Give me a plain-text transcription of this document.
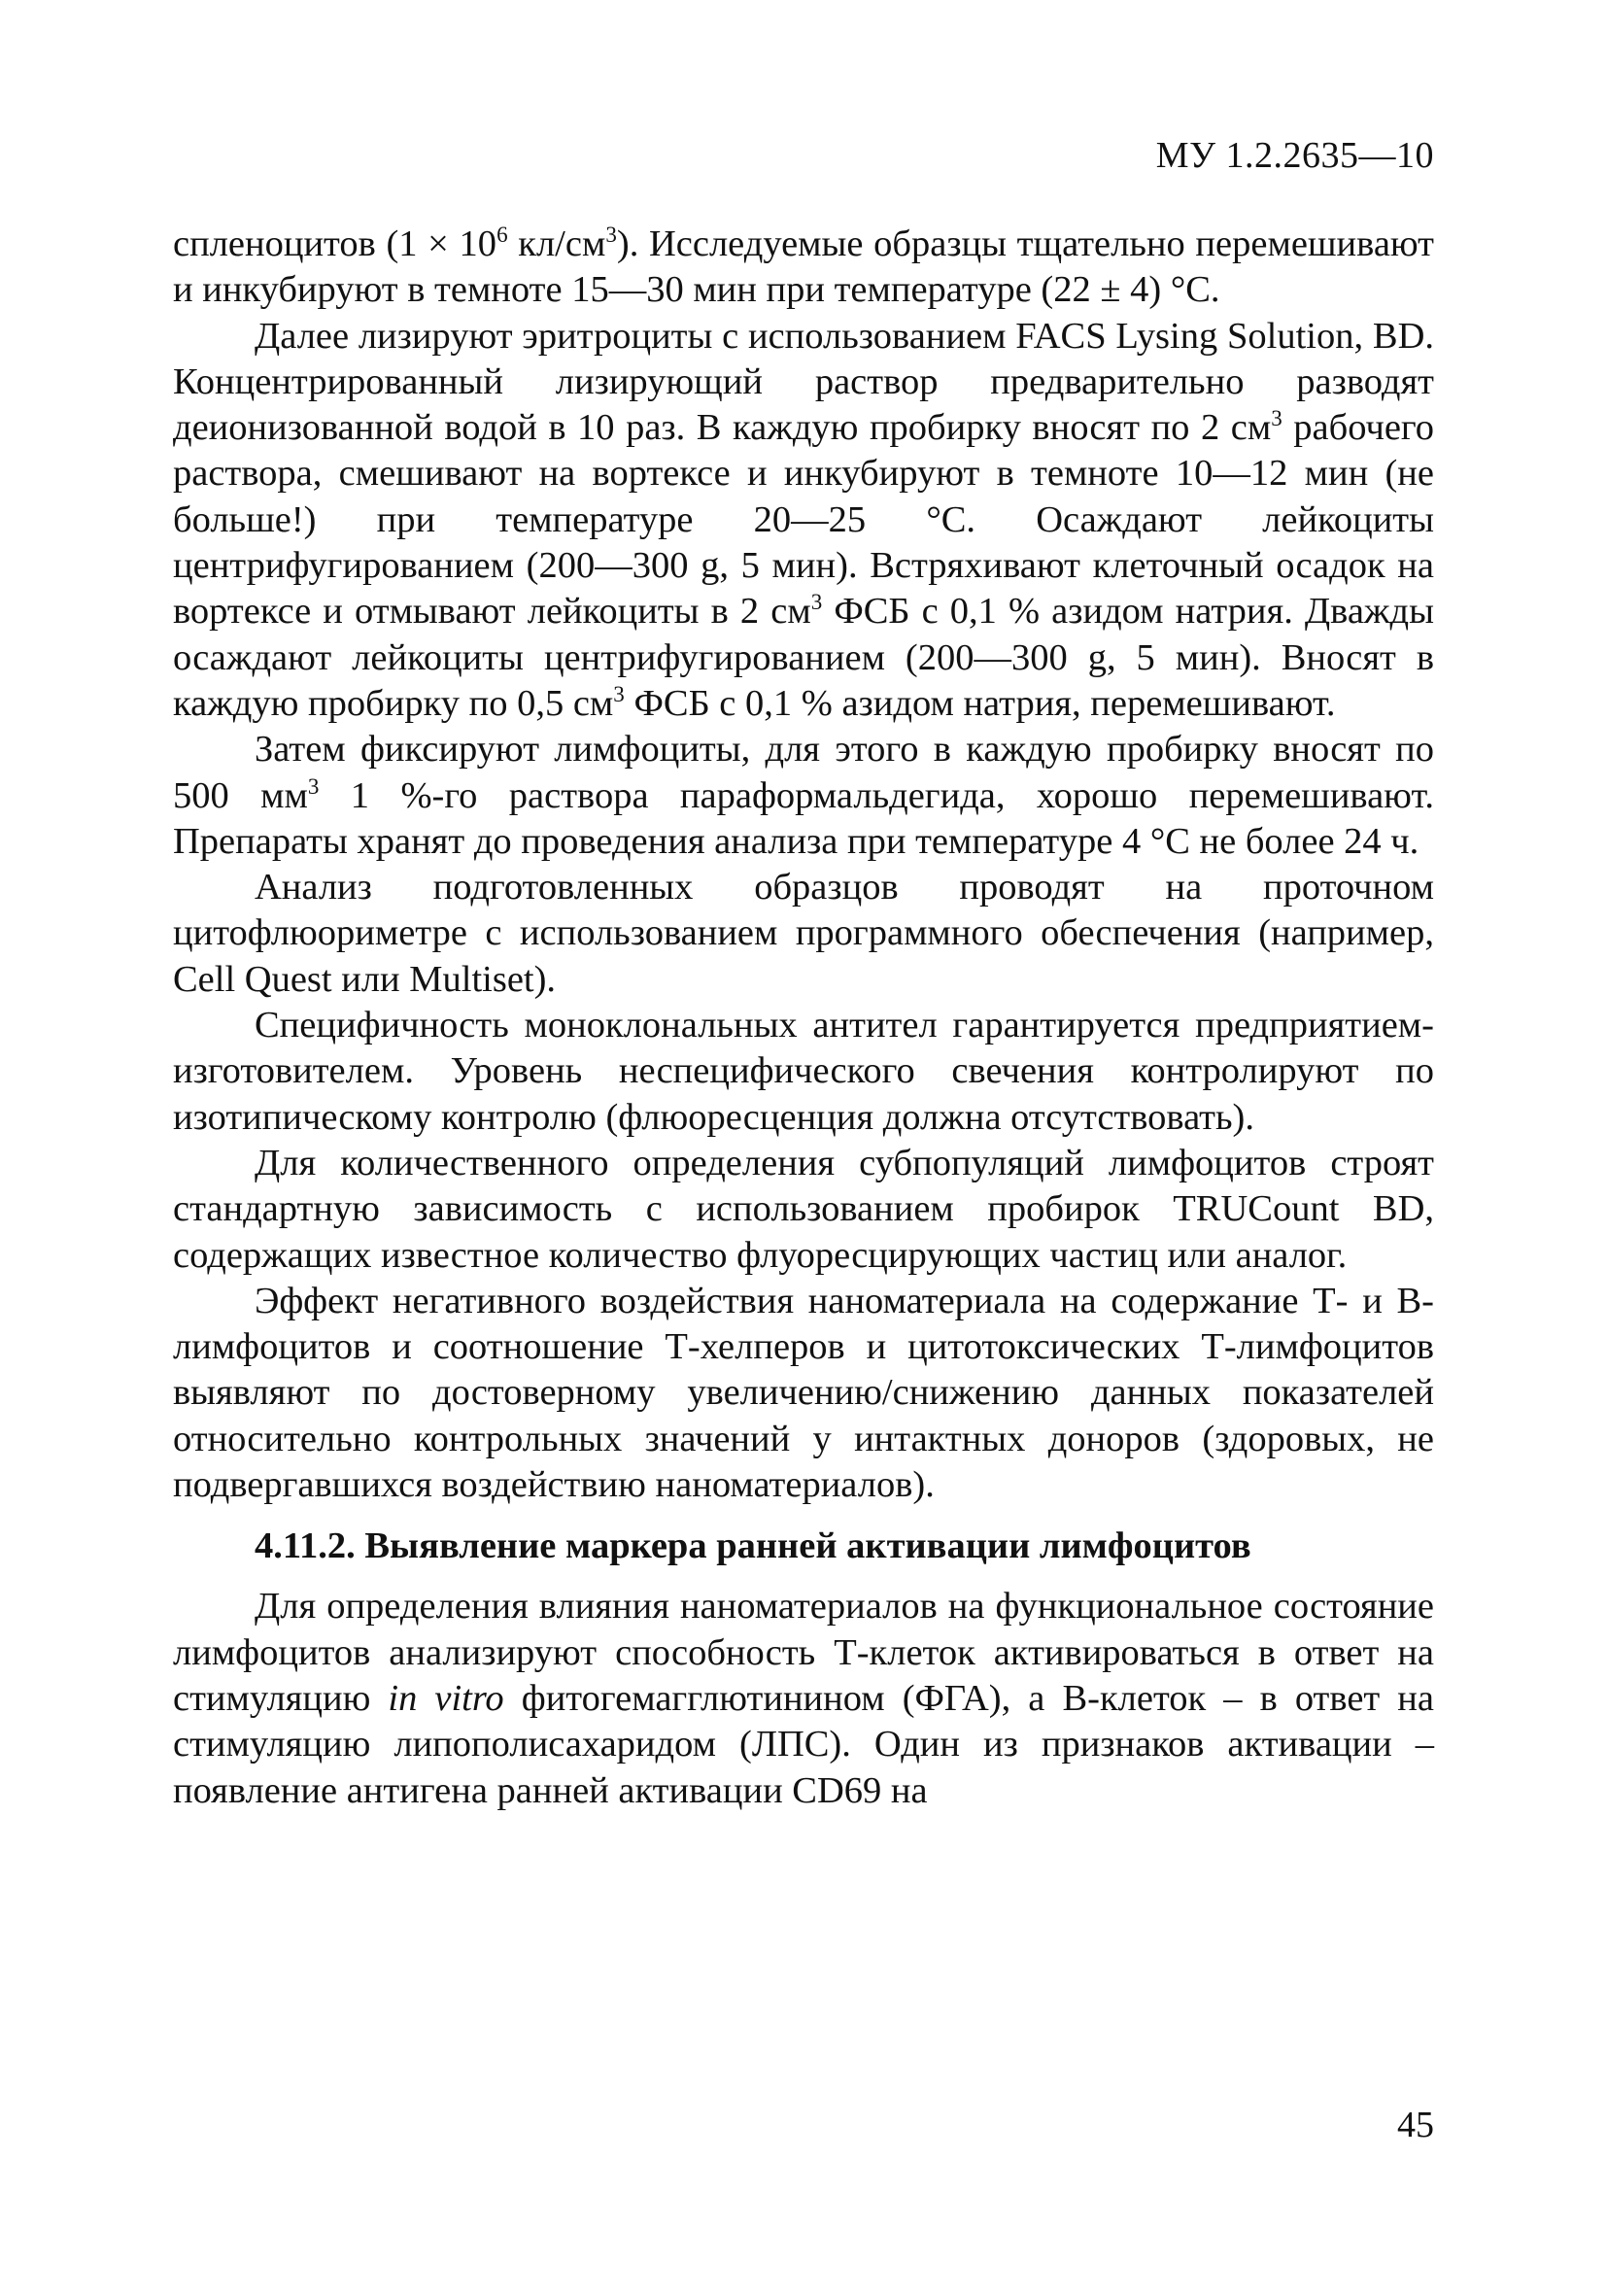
МУ 1.2.2635—10

спленоцитов ($1 \times 10^6$ $кл/см^3$). Исследуемые образцы тщательно перемешивают и инкубируют в темноте 15—30 мин при температуре (22 ± 4) °С.

Далее лизируют эритроциты с использованием FACS Lysing Solution, BD. Концентрированный лизирующий раствор предварительно разводят деионизованной водой в 10 раз. В каждую пробирку вносят по 2 $см^3$ рабочего раствора, смешивают на вортексе и инкубируют в темноте 10—12 мин (не больше!) при температуре 20—25 °С. Осаждают лейкоциты центрифугированием (200—300 g, 5 мин). Встряхивают клеточный осадок на вортексе и отмывают лейкоциты в 2 $см^3$ ФСБ с 0,1 % азидом натрия. Дважды осаждают лейкоциты центрифугированием (200—300 g, 5 мин). Вносят в каждую пробирку по 0,5 $см^3$ ФСБ с 0,1 % азидом натрия, перемешивают.

Затем фиксируют лимфоциты, для этого в каждую пробирку вносят по 500 $мм^3$ 1 %-го раствора параформальдегида, хорошо перемешивают. Препараты хранят до проведения анализа при температуре 4 °С не более 24 ч.

Анализ подготовленных образцов проводят на проточном цитофлюориметре с использованием программного обеспечения (например, Cell Quest или Multiset).

Специфичность моноклональных антител гарантируется предприятием-изготовителем. Уровень неспецифического свечения контролируют по изотипическому контролю (флюоресценция должна отсутствовать).

Для количественного определения субпопуляций лимфоцитов строят стандартную зависимость с использованием пробирок TRUCount BD, содержащих известное количество флуоресцирующих частиц или аналог.

Эффект негативного воздействия наноматериала на содержание Т- и В-лимфоцитов и соотношение Т-хелперов и цитотоксических Т-лимфоцитов выявляют по достоверному увеличению/снижению данных показателей относительно контрольных значений у интактных доноров (здоровых, не подвергавшихся воздействию наноматериалов).

4.11.2. Выявление маркера ранней активации лимфоцитов

Для определения влияния наноматериалов на функциональное состояние лимфоцитов анализируют способность Т-клеток активироваться в ответ на стимуляцию in vitro фитогемагглютинином (ФГА), а В-клеток – в ответ на стимуляцию липополисахаридом (ЛПС). Один из признаков активации – появление антигена ранней активации CD69 на

45
